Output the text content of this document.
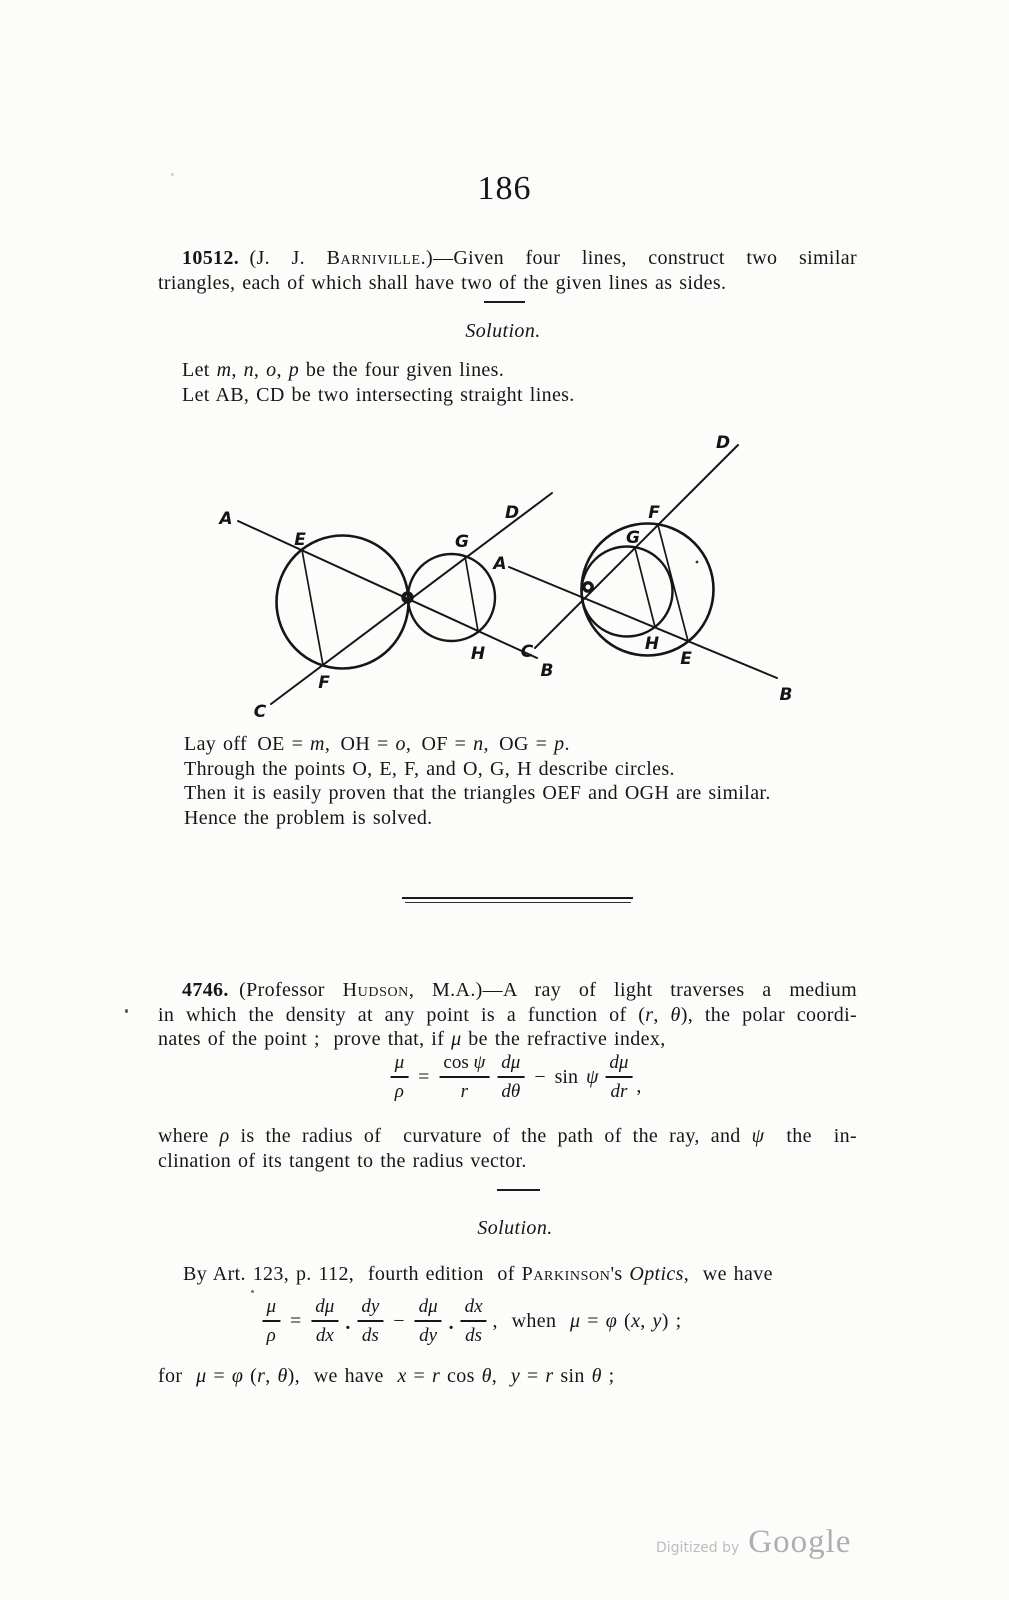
186
10512. (J. J. Barniville.)—Given four lines, construct two similar
triangles, each of which shall have two of the given lines as sides.
Solution.
Let m, n, o, p be the four given lines.
Let AB, CD be two intersecting straight lines.
A
E	G
H
F
C
D
B
A
F
G
H
E
C
D
B
Lay off OE = m, OH = o, OF = n, OG = p.
Through the points O, E, F, and O, G, H describe circles.
Then it is easily proven that the triangles OEF and OGH are similar.
Hence the problem is solved.
4746. (Professor Hudson, M.A.)—A ray of light traverses a medium
in which the density at any point is a function of (r, θ), the polar coordi-
nates of the point ;  prove that, if μ be the refractive index,
$\frac{\mu}{\rho} = \frac{\text{cos ψ}}{r} \frac{d\mu}{d\theta} - \sin \psi \frac{d\mu}{dr}$ ,
where ρ is the radius of  curvature of the path of the ray, and ψ  the  in-
clination of its tangent to the radius vector.
Solution.
By Art. 123, p. 112,  fourth edition  of Parkinson's Optics,  we have
$\frac{\mu}{\rho} = \frac{d\mu}{dx}$ . $\frac{dy}{ds} - \frac{d\mu}{dy}$ . $\frac{dx}{ds}$ ,  when  μ = φ (x, y) ;
for  μ = φ (r, θ),  we have  x = r cos θ,  y = r sin θ ;
Digitized by Google
